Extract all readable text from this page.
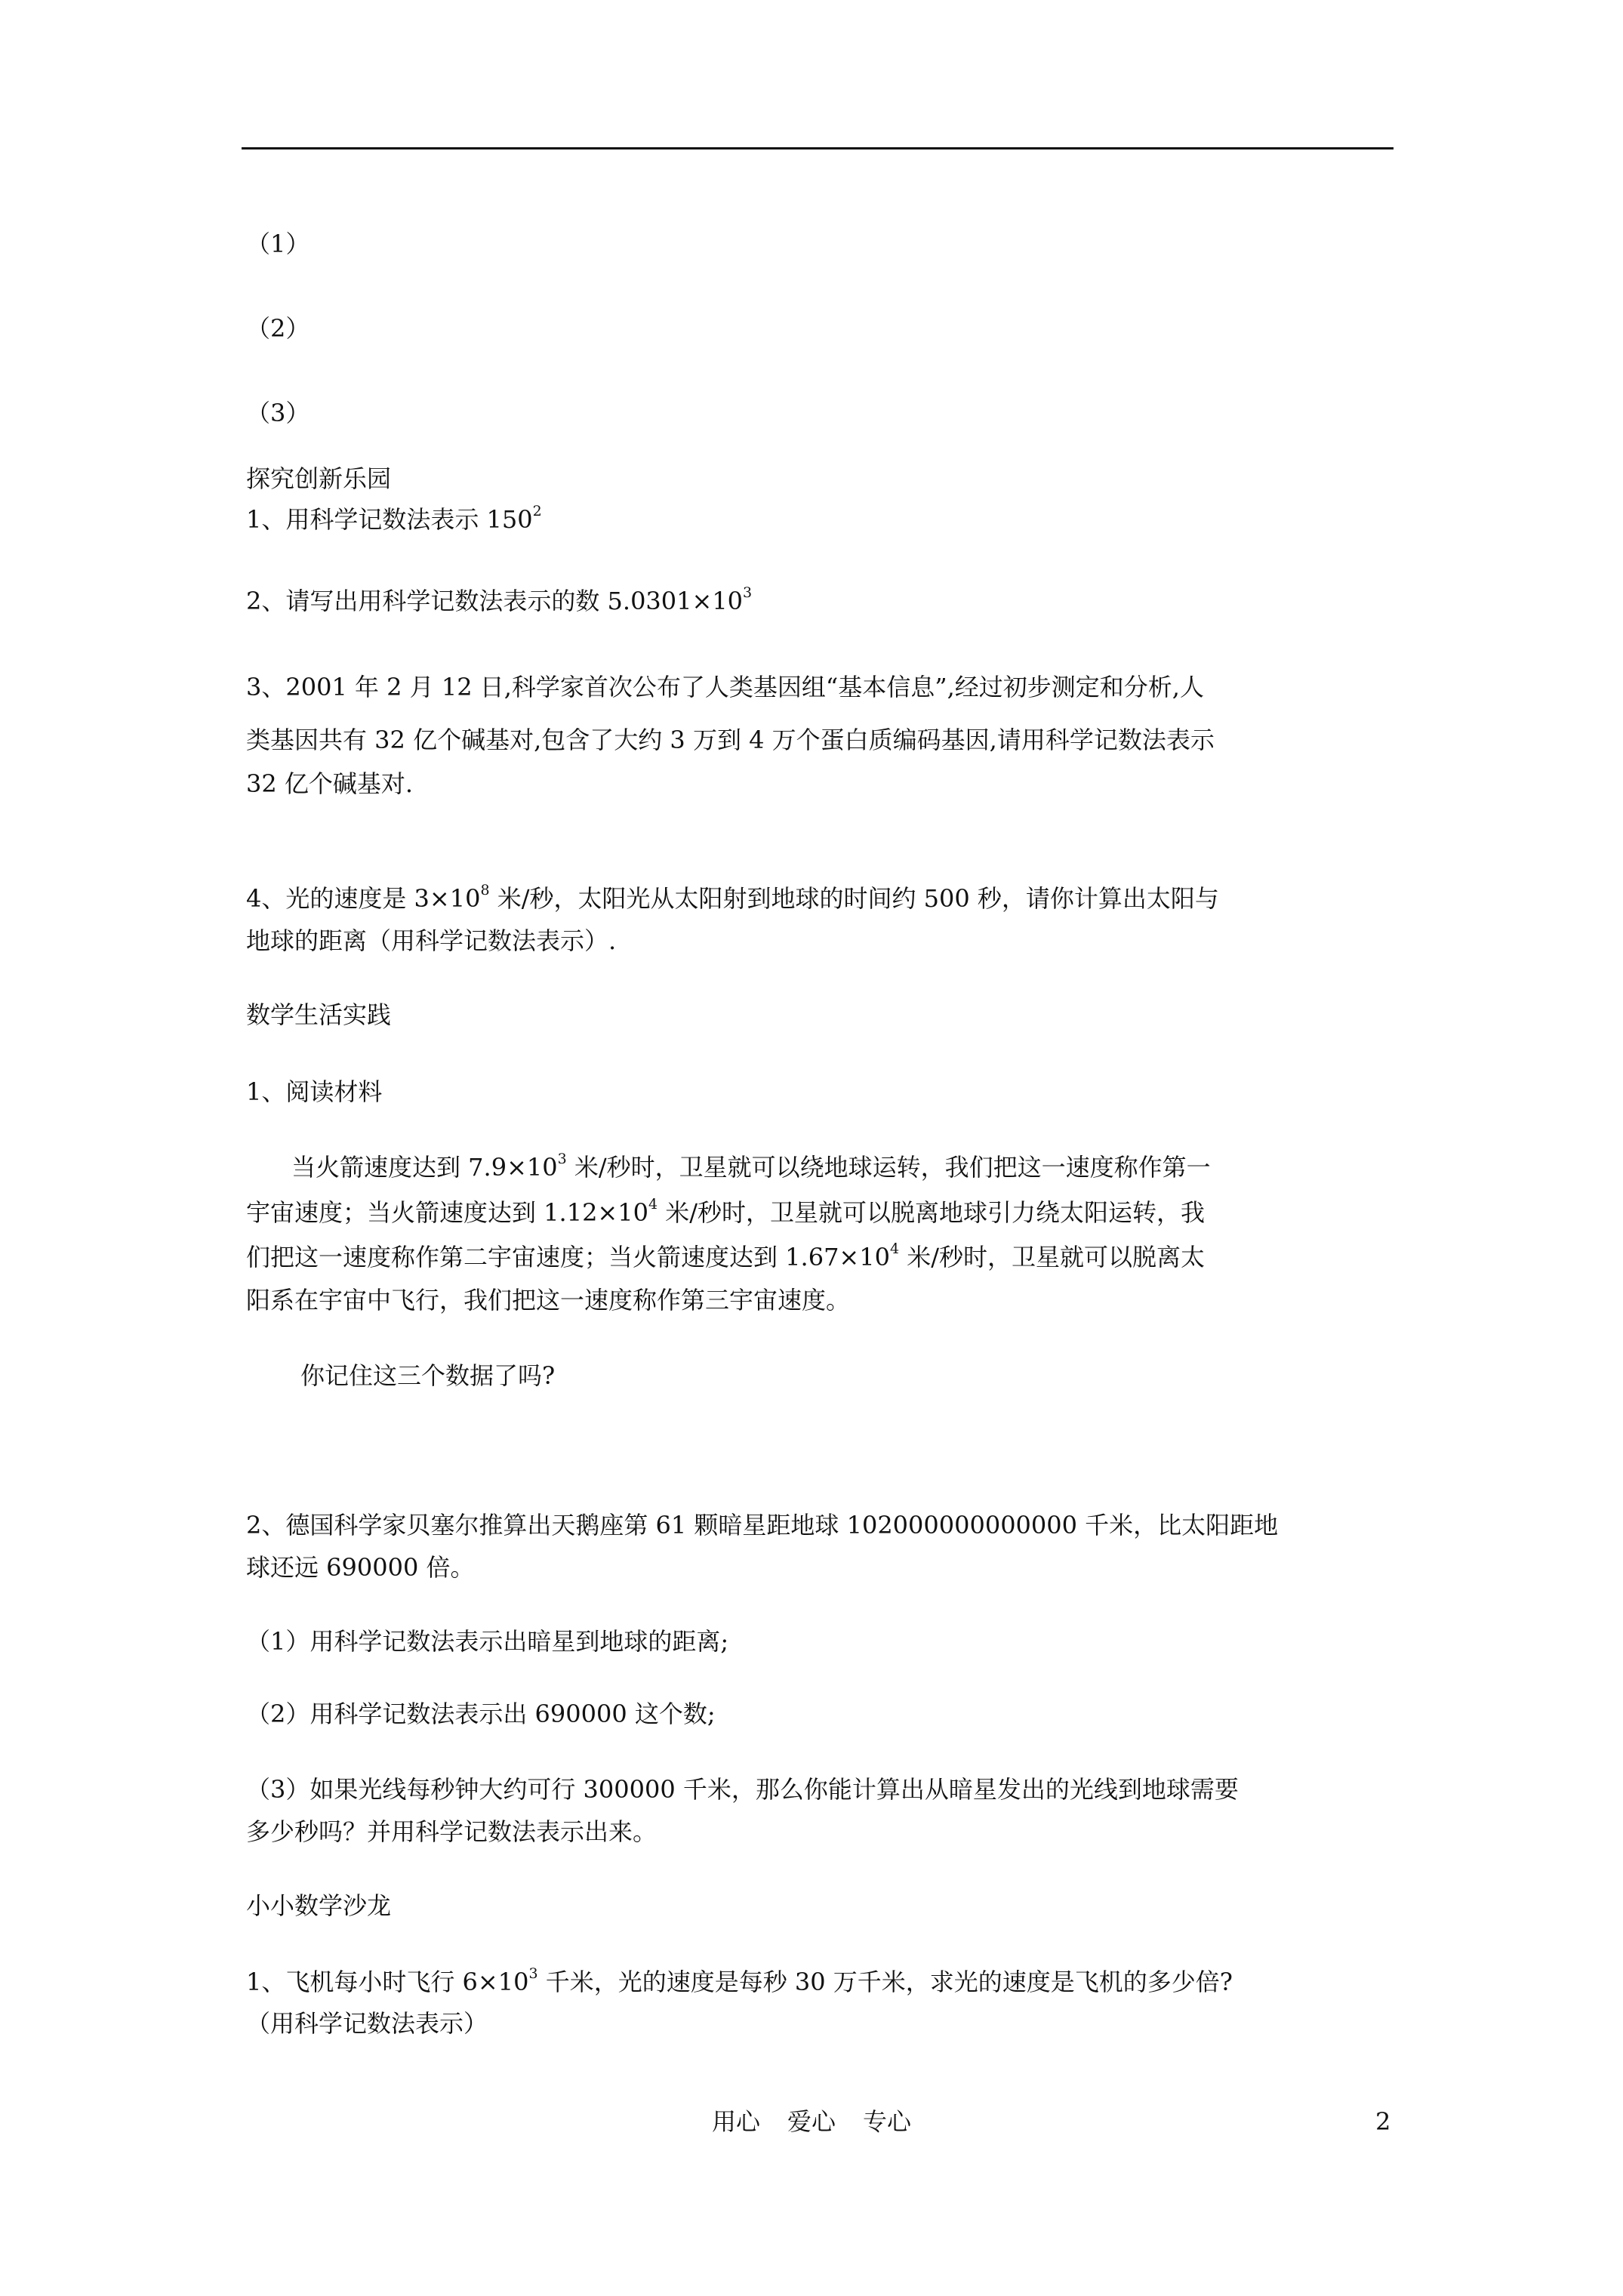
（1）
（2）
（3）
探究创新乐园
1、用科学记数法表示 $150^2$
2、请写出用科学记数法表示的数 $5.0301\times 10^3$
3、2001 年 2 月 12 日,科学家首次公布了人类基因组“基本信息”,经过初步测定和分析,人
类基因共有 32 亿个碱基对,包含了大约 3 万到 4 万个蛋白质编码基因,请用科学记数法表示
32 亿个碱基对.
4、光的速度是 $3\times 10^8$ 米/秒，太阳光从太阳射到地球的时间约 500 秒，请你计算出太阳与
地球的距离（用科学记数法表示）.
数学生活实践
1、阅读材料
当火箭速度达到 $7.9\times 10^3$ 米/秒时，卫星就可以绕地球运转，我们把这一速度称作第一
宇宙速度；当火箭速度达到 $1.12\times 10^4$ 米/秒时，卫星就可以脱离地球引力绕太阳运转，我
们把这一速度称作第二宇宙速度；当火箭速度达到 $1.67\times 10^4$ 米/秒时，卫星就可以脱离太
阳系在宇宙中飞行，我们把这一速度称作第三宇宙速度。
你记住这三个数据了吗?
2、德国科学家贝塞尔推算出天鹅座第 61 颗暗星距地球 102000000000000 千米，比太阳距地
球还远 690000 倍。
（1）用科学记数法表示出暗星到地球的距离;
（2）用科学记数法表示出 690000 这个数;
（3）如果光线每秒钟大约可行 300000 千米，那么你能计算出从暗星发出的光线到地球需要
多少秒吗？并用科学记数法表示出来。
小小数学沙龙
1、飞机每小时飞行 $6\times 10^3$ 千米，光的速度是每秒 30 万千米，求光的速度是飞机的多少倍?
（用科学记数法表示）
用心 爱心 专心	2
